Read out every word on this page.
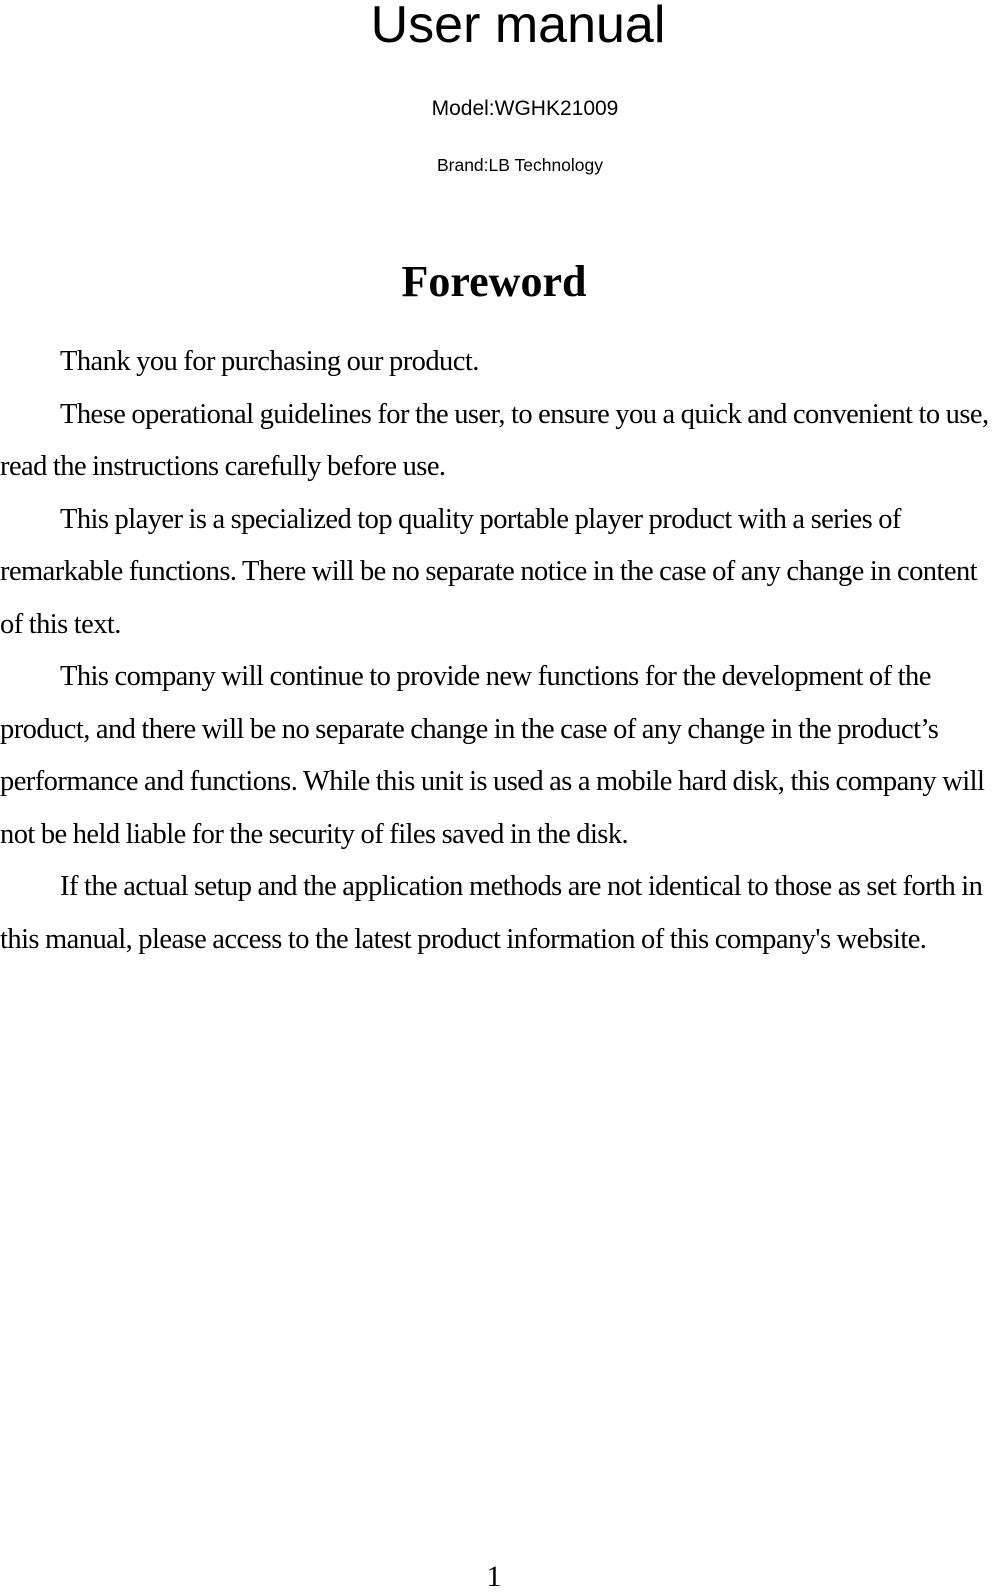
User manual
Model:WGHK21009
Brand:LB Technology
Foreword

Thank you for purchasing our product.

These operational guidelines for the user, to ensure you a quick and convenient to use, read the instructions carefully before use.

This player is a specialized top quality portable player product with a series of remarkable functions. There will be no separate notice in the case of any change in content of this text.

This company will continue to provide new functions for the development of the product, and there will be no separate change in the case of any change in the product’s performance and functions. While this unit is used as a mobile hard disk, this company will not be held liable for the security of files saved in the disk.

If the actual setup and the application methods are not identical to those as set forth in this manual, please access to the latest product information of this company's website.

1
